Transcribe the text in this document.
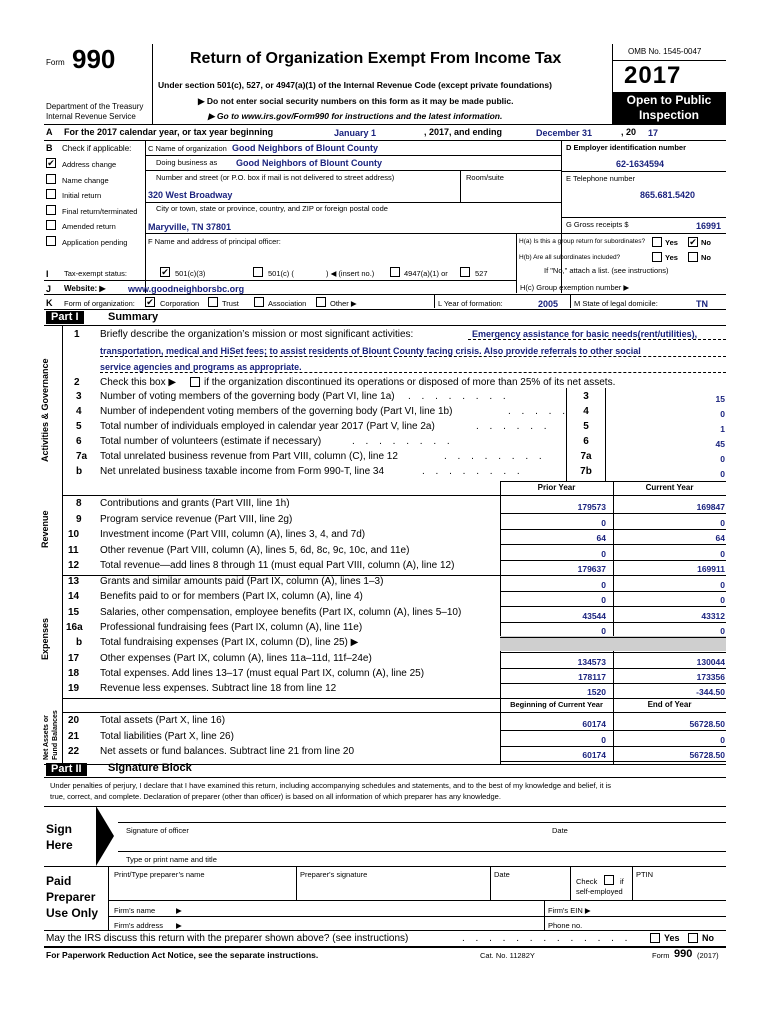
Form 990
Department of the Treasury
Internal Revenue Service
Return of Organization Exempt From Income Tax
Under section 501(c), 527, or 4947(a)(1) of the Internal Revenue Code (except private foundations)
▶ Do not enter social security numbers on this form as it may be made public.
▶ Go to www.irs.gov/Form990 for instructions and the latest information.
OMB No. 1545-0047
2017
Open to Public
Inspection
A For the 2017 calendar year, or tax year beginning	January 1	, 2017, and ending	December 31	, 20 17
B Check if applicable: C Name of organization Good Neighbors of Blount County
Doing business as Good Neighbors of Blount County
Number and street (or P.O. box if mail is not delivered to street address)	Room/suite
320 West Broadway
City or town, state or province, country, and ZIP or foreign postal code
Maryville, TN 37801
F Name and address of principal officer:
D Employer identification number
62-1634594
E Telephone number
865.681.5420
G Gross receipts $	16991
H(a) Is this a group return for subordinates?	Yes ✔	No
H(b) Are all subordinates included?	Yes	No
If "No," attach a list. (see instructions)
I Tax-exempt status: ✔	501(c)(3)	501(c) (	) ◀ (insert no.)	4947(a)(1) or	527
J Website: ▶ www.goodneighborsbc.org	H(c) Group exemption number ▶
K Form of organization: ✔	Corporation	Trust	Association	Other ▶	L Year of formation:	2005 M State of legal domicile:	TN
Part I	Summary
Activities & Governance
Revenue
Expenses
Net Assets or Fund Balances
1 Briefly describe the organization’s mission or most significant activities:	Emergency assistance for basic needs(rent/utilities),
transportation, medical and HiSet fees; to assist residents of Blount County facing crisis. Also provide referrals to other social
service agencies and programs as appropriate.
2 Check this box ▶	if the organization discontinued its operations or disposed of more than 25% of its net assets.
Prior Year	Current Year
Beginning of Current Year	End of Year
Part II	Signature Block
Under penalties of perjury, I declare that I have examined this return, including accompanying schedules and statements, and to the best of my knowledge and belief, it is
true, correct, and complete. Declaration of preparer (other than officer) is based on all information of which preparer has any knowledge.
Sign
Here
Signature of officer	Date
Type or print name and title
Paid
Preparer
Use Only
Print/Type preparer’s name	Preparer's signature	Date
Check	if
self-employed
PTIN
Firm’s name	▶	Firm's EIN ▶
Firm's address ▶	Phone no.
May the IRS discuss this return with the preparer shown above? (see instructions)	. . . . . . . . . . . . .	Yes No
For Paperwork Reduction Act Notice, see the separate instructions.	Cat. No. 11282Y	Form 990 (2017)
✔
Address change
Name change
Initial return
Final return/terminated
Amended return
Application pending
3 Number of voting members of the governing body (Part VI, line 1a) . . . . . . . .	3	15
4 Number of independent voting members of the governing body (Part VI, line 1b)	. . . . .	4	0
5 Total number of individuals employed in calendar year 2017 (Part V, line 2a)	. . . . . .	5	1
6 Total number of volunteers (estimate if necessary)	. . . . . . . .	6	45
7a Total unrelated business revenue from Part VIII, column (C), line 12	. . . . . . . .	7a	0
b Net unrelated business taxable income from Form 990-T, line 34	. . . . . . . .	7b	0
8 Contributions and grants (Part VIII, line 1h)	179573	169847
9 Program service revenue (Part VIII, line 2g)	0	0
10 Investment income (Part VIII, column (A), lines 3, 4, and 7d)	64	64
11 Other revenue (Part VIII, column (A), lines 5, 6d, 8c, 9c, 10c, and 11e)	0	0
12 Total revenue—add lines 8 through 11 (must equal Part VIII, column (A), line 12)	179637	169911
13 Grants and similar amounts paid (Part IX, column (A), lines 1–3)	0	0
14 Benefits paid to or for members (Part IX, column (A), line 4)	0	0
15 Salaries, other compensation, employee benefits (Part IX, column (A), lines 5–10)	43544	43312
16a Professional fundraising fees (Part IX, column (A), line 11e)	0	0
b Total fundraising expenses (Part IX, column (D), line 25) ▶
17 Other expenses (Part IX, column (A), lines 11a–11d, 11f–24e)	134573	130044
18 Total expenses. Add lines 13–17 (must equal Part IX, column (A), line 25)	178117	173356
19 Revenue less expenses. Subtract line 18 from line 12	1520	-344.50
20 Total assets (Part X, line 16)	60174	56728.50
21 Total liabilities (Part X, line 26)	0	0
22 Net assets or fund balances. Subtract line 21 from line 20	60174	56728.50
